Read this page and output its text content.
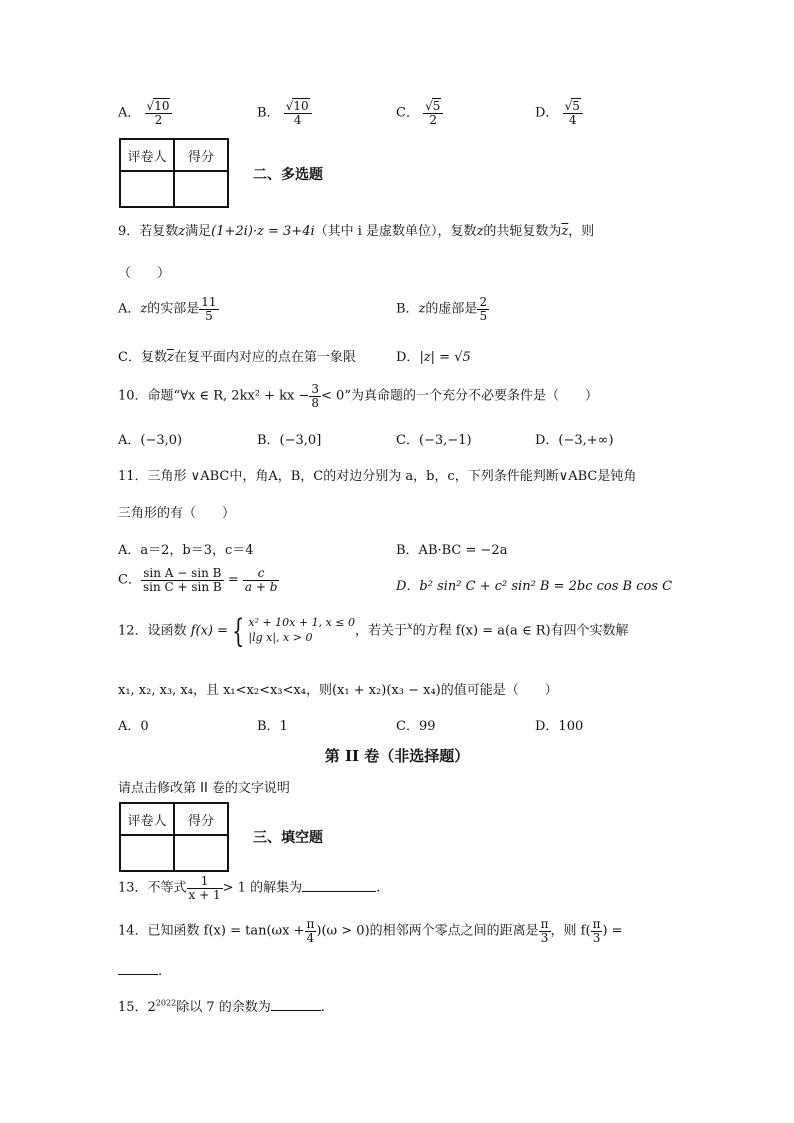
A． $\frac{√10}{2}$	B． $\frac{√10}{4}$	C． $\frac{√5}{2}$	D． $\frac{√5}{4}$
评卷人	得分

二、多选题
9．若复数z满足(1+2i)·z = 3+4i（其中 i 是虚数单位），复数z的共轭复数为$\overline{z}$，则
（　　）
A．z的实部是 $\frac{11}{5}$	B．z的虚部是 $\frac{2}{5}$
C．复数$\overline{z}$在复平面内对应的点在第一象限	D．|z| = √5
10．命题“∀x ∈ R, 2kx² + kx − $\frac{3}{8} < 0$”为真命题的一个充分不必要条件是（　　）
A．(−3,0)	B．(−3,0]	C．(−3,−1)	D．(−3,+∞)
11．三角形 ∨ABC中，角A，B，C的对边分别为 a，b，c，下列条件能判断∨ABC是钝角
三角形的有（　　）
A．a＝2，b＝3，c＝4	B．AB·BC = −2a
C． $\frac{\text{sin A − sin B}}{\text{sin C + sin B}} = \frac{c}{a + b}$	D．b² sin² C + c² sin² B = 2bc cos B cos C
12．设函数 f(x) = { x² + 10x + 1, x ≤ 0
|lg x|, x > 0	，若关于$^x$的方程 f(x) = a(a ∈ R)有四个实数解
x₁, x₂, x₃, x₄，且 x₁<x₂<x₃<x₄，则(x₁ + x₂)(x₃ − x₄)的值可能是（　　）
A．0	B．1	C．99	D．100
第 II 卷（非选择题）
请点击修改第 II 卷的文字说明
评卷人	得分

三、填空题
13．不等式 $\frac{1}{x + 1} > 1$ 的解集为	.
14．已知函数 $f(x) = \tan(\omega x + \frac{\pi}{4} )(\omega > 0)$的相邻两个零点之间的距离是 $\frac{\pi}{3}$ ，则 $f( \frac{\pi}{3}$ ) =
.
15．$2^{2022}$除以 7 的余数为	.
